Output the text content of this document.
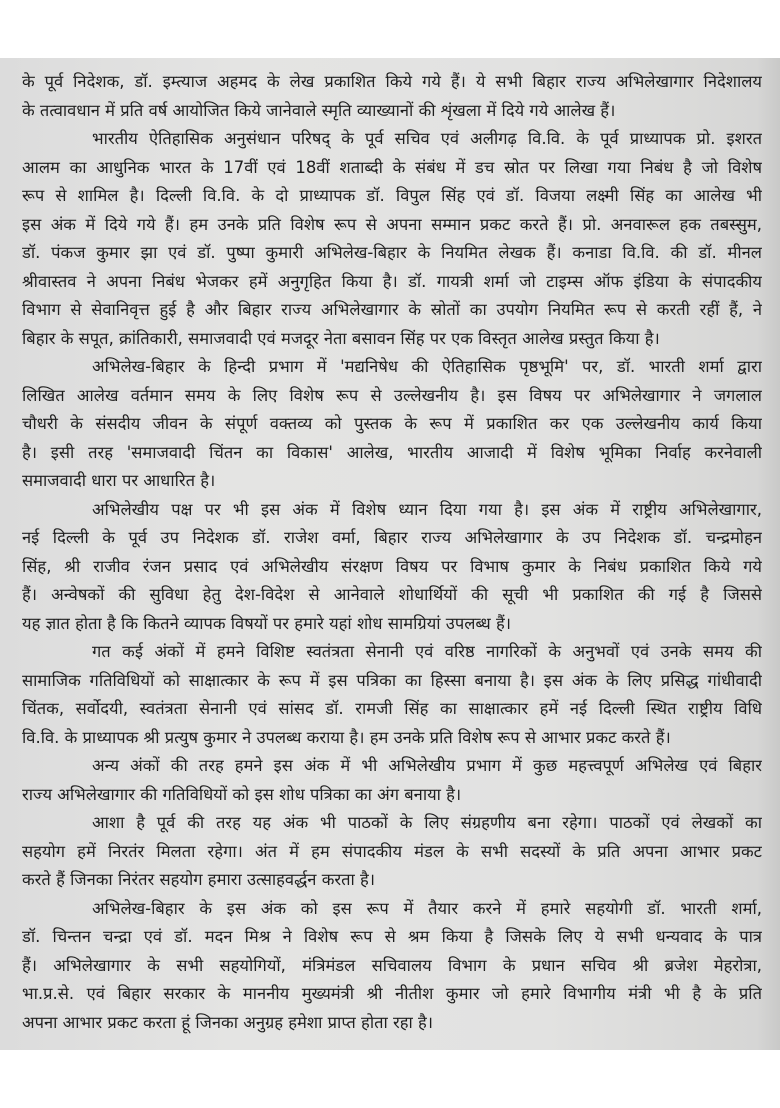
के पूर्व निदेशक, डॉ. इम्त्याज अहमद के लेख प्रकाशित किये गये हैं। ये सभी बिहार राज्य अभिलेखागार निदेशालय
के तत्वावधान में प्रति वर्ष आयोजित किये जानेवाले स्मृति व्याख्यानों की शृंखला में दिये गये आलेख हैं।
भारतीय ऐतिहासिक अनुसंधान परिषद् के पूर्व सचिव एवं अलीगढ़ वि.वि. के पूर्व प्राध्यापक प्रो. इशरत
आलम का आधुनिक भारत के 17वीं एवं 18वीं शताब्दी के संबंध में डच स्रोत पर लिखा गया निबंध है जो विशेष
रूप से शामिल है। दिल्ली वि.वि. के दो प्राध्यापक डॉ. विपुल सिंह एवं डॉ. विजया लक्ष्मी सिंह का आलेख भी
इस अंक में दिये गये हैं। हम उनके प्रति विशेष रूप से अपना सम्मान प्रकट करते हैं। प्रो. अनवारूल हक तबस्सुम,
डॉ. पंकज कुमार झा एवं डॉ. पुष्पा कुमारी अभिलेख-बिहार के नियमित लेखक हैं। कनाडा वि.वि. की डॉ. मीनल
श्रीवास्तव ने अपना निबंध भेजकर हमें अनुगृहित किया है। डॉ. गायत्री शर्मा जो टाइम्स ऑफ इंडिया के संपादकीय
विभाग से सेवानिवृत्त हुई है और बिहार राज्य अभिलेखागार के स्रोतों का उपयोग नियमित रूप से करती रहीं हैं, ने
बिहार के सपूत, क्रांतिकारी, समाजवादी एवं मजदूर नेता बसावन सिंह पर एक विस्तृत आलेख प्रस्तुत किया है।
अभिलेख-बिहार के हिन्दी प्रभाग में 'मद्यनिषेध की ऐतिहासिक पृष्ठभूमि' पर, डॉ. भारती शर्मा द्वारा
लिखित आलेख वर्तमान समय के लिए विशेष रूप से उल्लेखनीय है। इस विषय पर अभिलेखागार ने जगलाल
चौधरी के संसदीय जीवन के संपूर्ण वक्तव्य को पुस्तक के रूप में प्रकाशित कर एक उल्लेखनीय कार्य किया
है। इसी तरह 'समाजवादी चिंतन का विकास' आलेख, भारतीय आजादी में विशेष भूमिका निर्वाह करनेवाली
समाजवादी धारा पर आधारित है।
अभिलेखीय पक्ष पर भी इस अंक में विशेष ध्यान दिया गया है। इस अंक में राष्ट्रीय अभिलेखागार,
नई दिल्ली के पूर्व उप निदेशक डॉ. राजेश वर्मा, बिहार राज्य अभिलेखागार के उप निदेशक डॉ. चन्द्रमोहन
सिंह, श्री राजीव रंजन प्रसाद एवं अभिलेखीय संरक्षण विषय पर विभाष कुमार के निबंध प्रकाशित किये गये
हैं। अन्वेषकों की सुविधा हेतु देश-विदेश से आनेवाले शोधार्थियों की सूची भी प्रकाशित की गई है जिससे
यह ज्ञात होता है कि कितने व्यापक विषयों पर हमारे यहां शोध सामग्रियां उपलब्ध हैं।
गत कई अंकों में हमने विशिष्ट स्वतंत्रता सेनानी एवं वरिष्ठ नागरिकों के अनुभवों एवं उनके समय की
सामाजिक गतिविधियों को साक्षात्कार के रूप में इस पत्रिका का हिस्सा बनाया है। इस अंक के लिए प्रसिद्ध गांधीवादी
चिंतक, सर्वोदयी, स्वतंत्रता सेनानी एवं सांसद डॉ. रामजी सिंह का साक्षात्कार हमें नई दिल्ली स्थित राष्ट्रीय विधि
वि.वि. के प्राध्यापक श्री प्रत्युष कुमार ने उपलब्ध कराया है। हम उनके प्रति विशेष रूप से आभार प्रकट करते हैं।
अन्य अंकों की तरह हमने इस अंक में भी अभिलेखीय प्रभाग में कुछ महत्त्वपूर्ण अभिलेख एवं बिहार
राज्य अभिलेखागार की गतिविधियों को इस शोध पत्रिका का अंग बनाया है।
आशा है पूर्व की तरह यह अंक भी पाठकों के लिए संग्रहणीय बना रहेगा। पाठकों एवं लेखकों का
सहयोग हमें निरतंर मिलता रहेगा। अंत में हम संपादकीय मंडल के सभी सदस्यों के प्रति अपना आभार प्रकट
करते हैं जिनका निरंतर सहयोग हमारा उत्साहवर्द्धन करता है।
अभिलेख-बिहार के इस अंक को इस रूप में तैयार करने में हमारे सहयोगी डॉ. भारती शर्मा,
डॉ. चिन्तन चन्द्रा एवं डॉ. मदन मिश्र ने विशेष रूप से श्रम किया है जिसके लिए ये सभी धन्यवाद के पात्र
हैं। अभिलेखागार के सभी सहयोगियों, मंत्रिमंडल सचिवालय विभाग के प्रधान सचिव श्री ब्रजेश मेहरोत्रा,
भा.प्र.से. एवं बिहार सरकार के माननीय मुख्यमंत्री श्री नीतीश कुमार जो हमारे विभागीय मंत्री भी है के प्रति
अपना आभार प्रकट करता हूं जिनका अनुग्रह हमेशा प्राप्त होता रहा है।
